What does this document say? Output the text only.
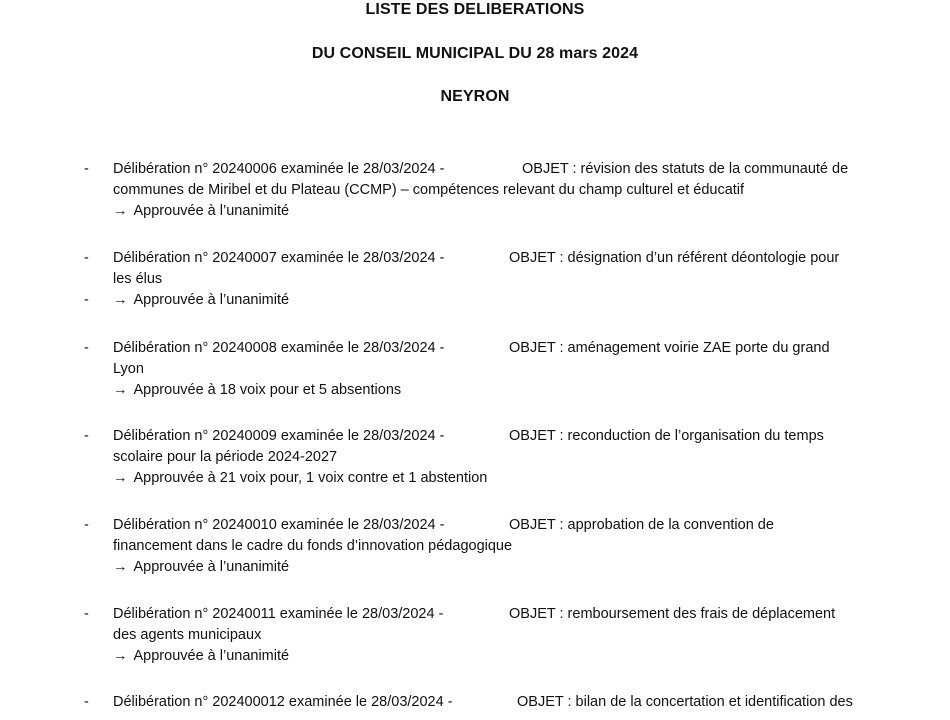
LISTE DES DELIBERATIONS
DU CONSEIL MUNICIPAL DU 28 mars 2024
NEYRON
- Délibération n° 20240006 examinée le 28/03/2024 -	OBJET : révision des statuts de la communauté de
communes de Miribel et du Plateau (CCMP) – compétences relevant du champ culturel et éducatif
→ Approuvée à l’unanimité
- Délibération n° 20240007 examinée le 28/03/2024 -	OBJET : désignation d’un référent déontologie pour
les élus
- → Approuvée à l’unanimité
- Délibération n° 20240008 examinée le 28/03/2024 -	OBJET : aménagement voirie ZAE porte du grand
Lyon
→ Approuvée à 18 voix pour et 5 absentions
- Délibération n° 20240009 examinée le 28/03/2024 -	OBJET : reconduction de l’organisation du temps
scolaire pour la période 2024-2027
→ Approuvée à 21 voix pour, 1 voix contre et 1 abstention
- Délibération n° 20240010 examinée le 28/03/2024 -	OBJET : approbation de la convention de
financement dans le cadre du fonds d’innovation pédagogique
→ Approuvée à l’unanimité
- Délibération n° 20240011 examinée le 28/03/2024 -	OBJET : remboursement des frais de déplacement
des agents municipaux
→ Approuvée à l’unanimité
- Délibération n° 202400012 examinée le 28/03/2024 -	OBJET : bilan de la concertation et identification des
